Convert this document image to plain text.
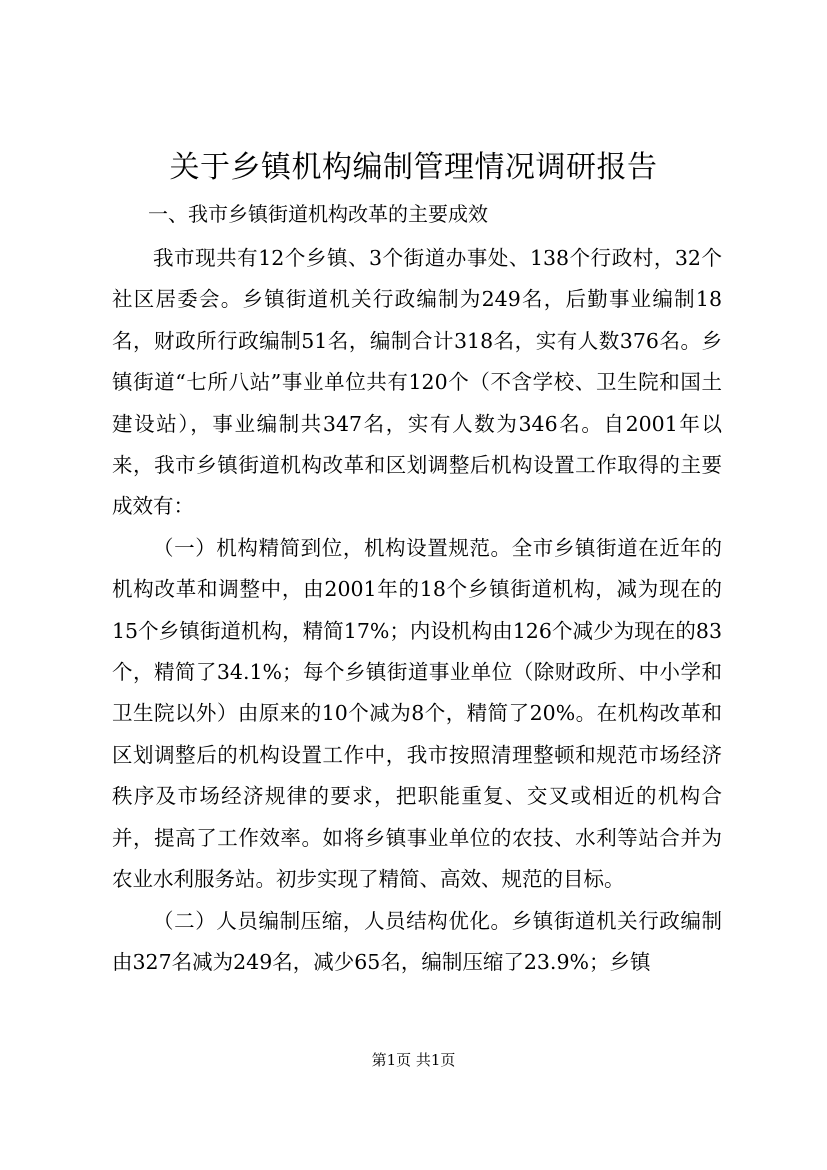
关于乡镇机构编制管理情况调研报告
一、我市乡镇街道机构改革的主要成效

我市现共有12个乡镇、3个街道办事处、138个行政村，32个社区居委会。乡镇街道机关行政编制为249名，后勤事业编制18名，财政所行政编制51名，编制合计318名，实有人数376名。乡镇街道“七所八站”事业单位共有120个（不含学校、卫生院和国土建设站），事业编制共347名，实有人数为346名。自2001年以来，我市乡镇街道机构改革和区划调整后机构设置工作取得的主要成效有：

（一）机构精简到位，机构设置规范。全市乡镇街道在近年的机构改革和调整中，由2001年的18个乡镇街道机构，减为现在的15个乡镇街道机构，精简17%；内设机构由126个减少为现在的83个，精简了34.1%；每个乡镇街道事业单位（除财政所、中小学和卫生院以外）由原来的10个减为8个，精简了20%。在机构改革和区划调整后的机构设置工作中，我市按照清理整顿和规范市场经济秩序及市场经济规律的要求，把职能重复、交叉或相近的机构合并，提高了工作效率。如将乡镇事业单位的农技、水利等站合并为农业水利服务站。初步实现了精简、高效、规范的目标。

（二）人员编制压缩，人员结构优化。乡镇街道机关行政编制由327名减为249名，减少65名，编制压缩了23.9%；乡镇

第1页 共1页
